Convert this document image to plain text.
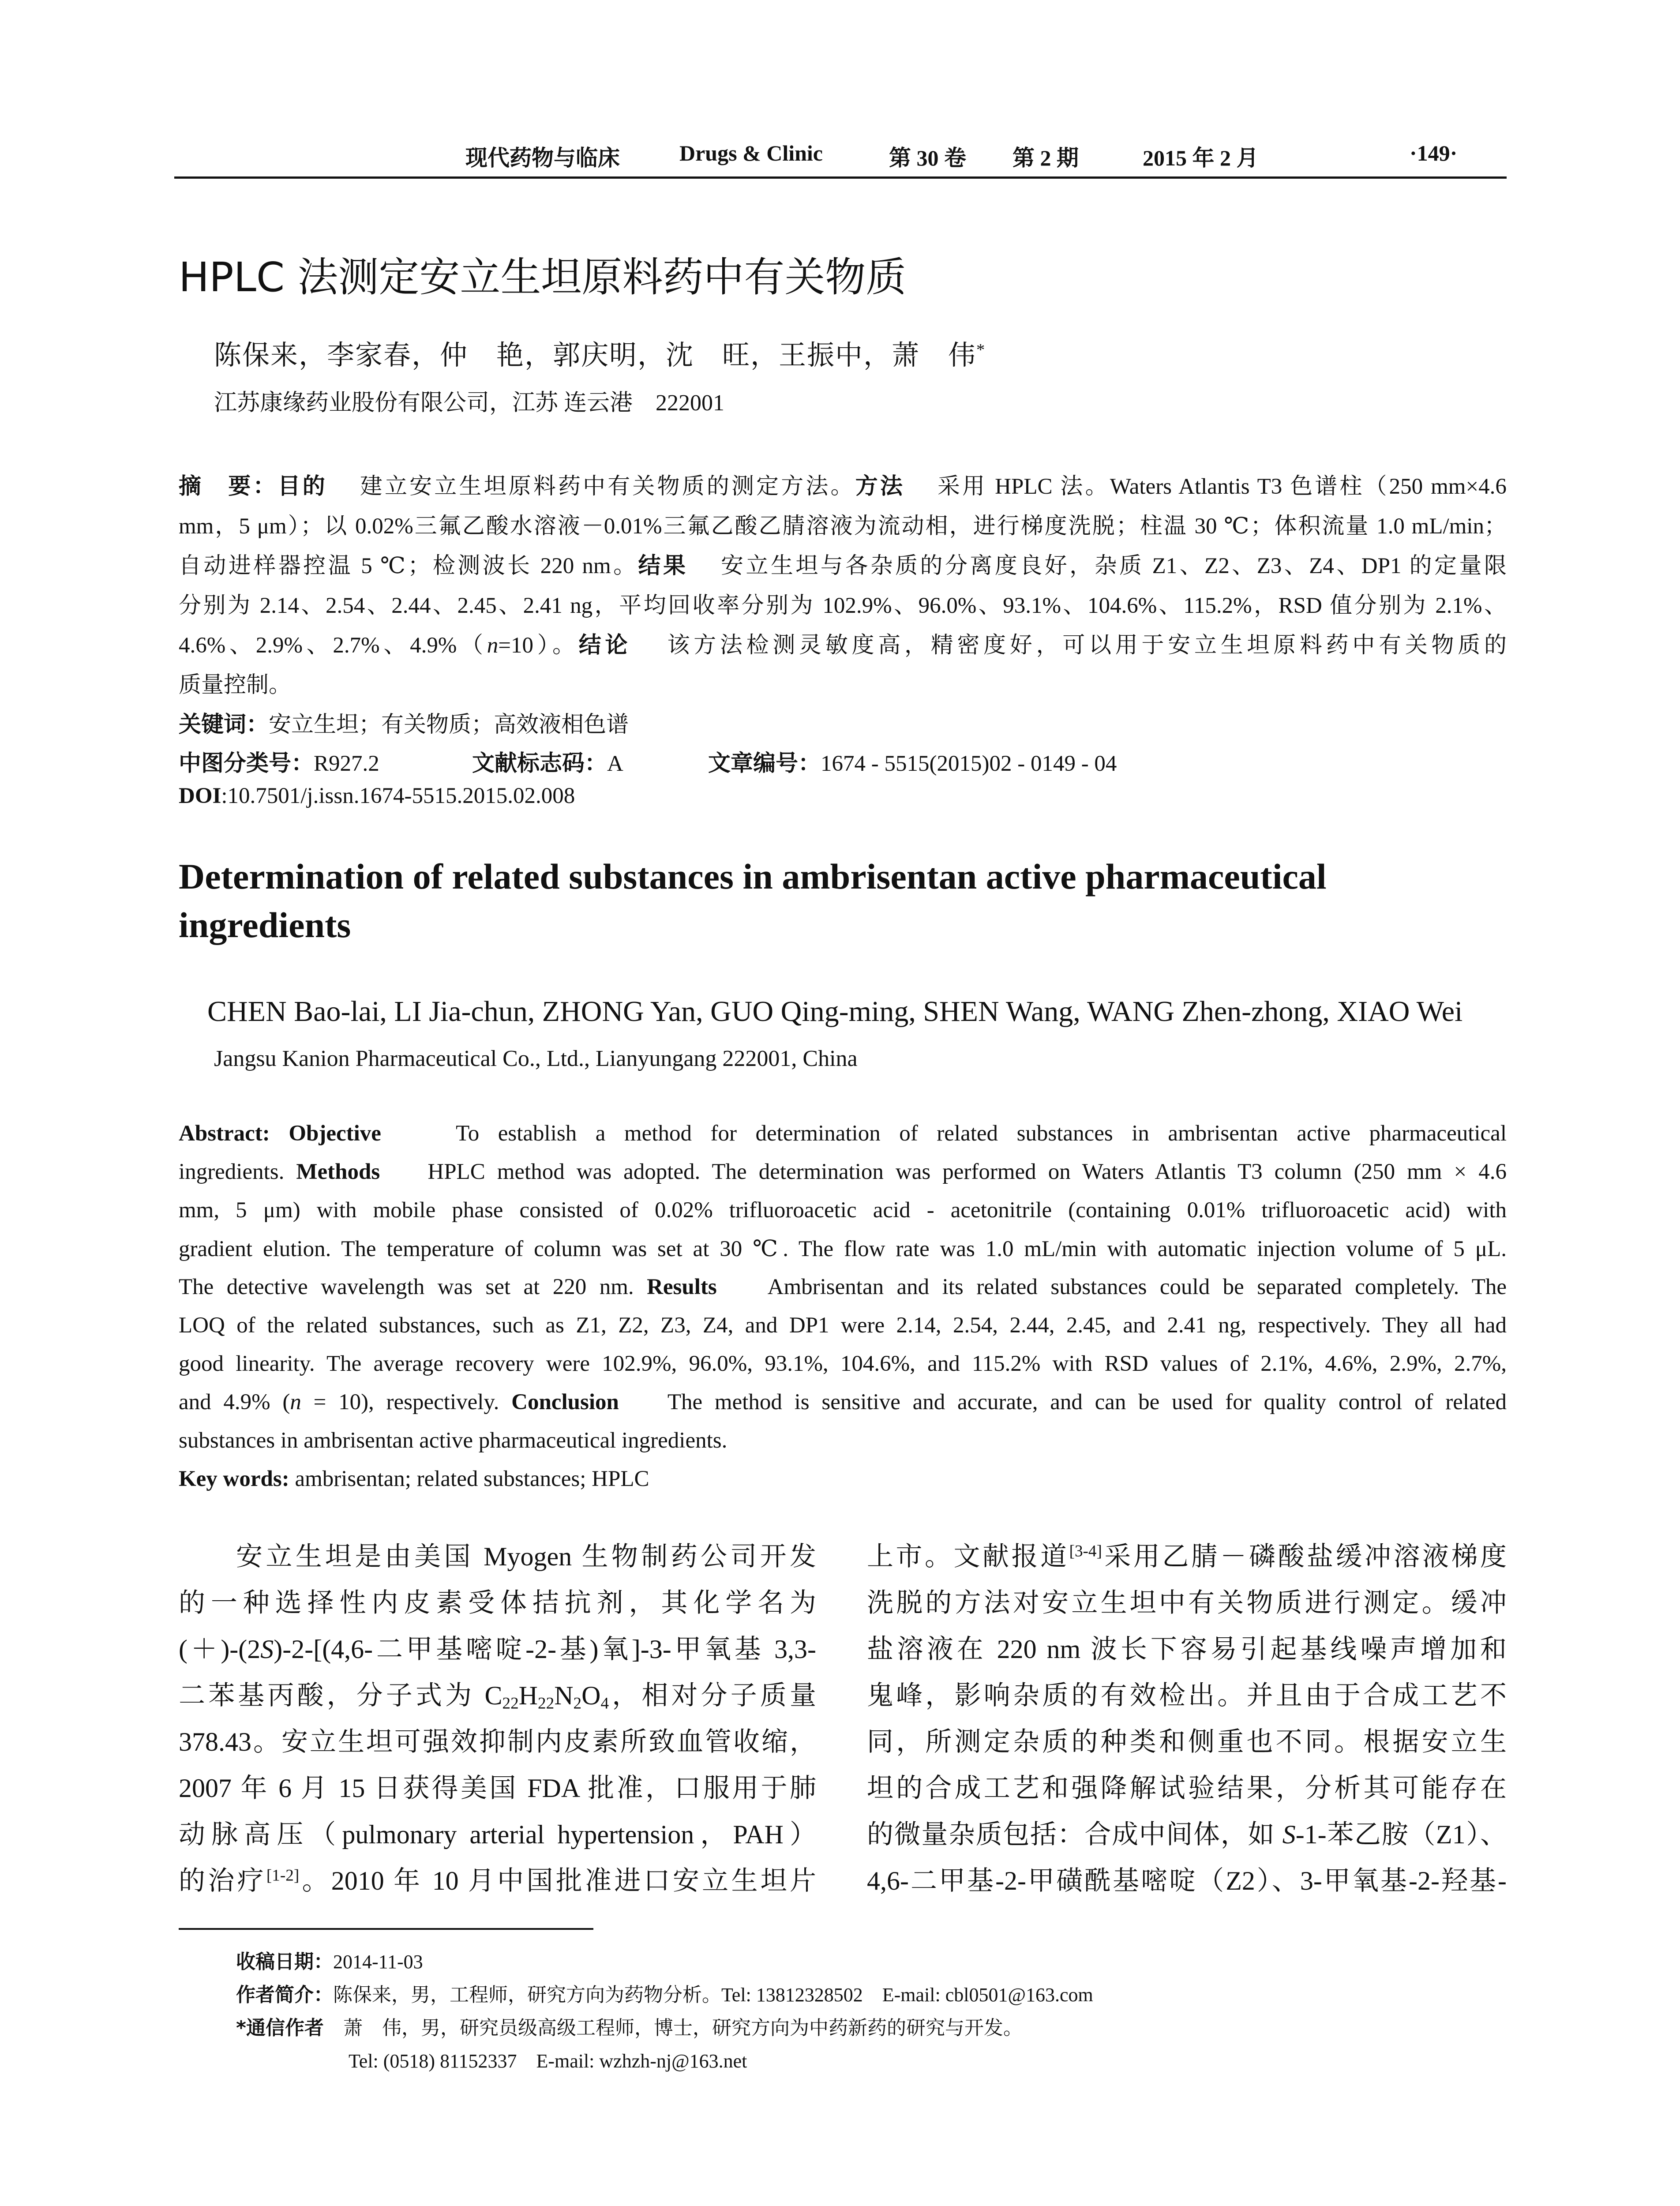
现代药物与临床	Drugs & Clinic	第 30 卷 第 2 期	2015 年 2 月	·149·
HPLC 法测定安立生坦原料药中有关物质
陈保来，李家春，仲　艳，郭庆明，沈　旺，王振中，萧　伟*
江苏康缘药业股份有限公司，江苏 连云港　222001
摘　要：目的　 建立安立生坦原料药中有关物质的测定方法。方法　 采用 HPLC 法。Waters Atlantis T3 色谱柱（250 mm×4.6
mm，5 μm）；以 0.02%三氟乙酸水溶液－0.01%三氟乙酸乙腈溶液为流动相，进行梯度洗脱；柱温 30 ℃；体积流量 1.0 mL/min；
自动进样器控温 5 ℃；检测波长 220 nm。结果　 安立生坦与各杂质的分离度良好，杂质 Z1、Z2、Z3、Z4、DP1 的定量限
分别为 2.14、2.54、2.44、2.45、2.41 ng，平均回收率分别为 102.9%、96.0%、93.1%、104.6%、115.2%，RSD 值分别为 2.1%、
4.6%、2.9%、2.7%、4.9%（n=10）。结论　 该方法检测灵敏度高，精密度好，可以用于安立生坦原料药中有关物质的
质量控制。
关键词：安立生坦；有关物质；高效液相色谱
中图分类号：R927.2	文献标志码：A	文章编号：1674 - 5515(2015)02 - 0149 - 04
DOI:10.7501/j.issn.1674-5515.2015.02.008
Determination of related substances in ambrisentan active pharmaceutical
ingredients
CHEN Bao-lai, LI Jia-chun, ZHONG Yan, GUO Qing-ming, SHEN Wang, WANG Zhen-zhong, XIAO Wei
Jangsu Kanion Pharmaceutical Co., Ltd., Lianyungang 222001, China
Abstract: Objective	To establish a method for determination of related substances in ambrisentan active pharmaceutical
ingredients. Methods HPLC method was adopted. The determination was performed on Waters Atlantis T3 column (250 mm × 4.6
mm, 5 μm) with mobile phase consisted of 0.02% trifluoroacetic acid - acetonitrile (containing 0.01% trifluoroacetic acid) with
gradient elution. The temperature of column was set at 30 ℃. The flow rate was 1.0 mL/min with automatic injection volume of 5 μL.
The detective wavelength was set at 220 nm. Results Ambrisentan and its related substances could be separated completely. The
LOQ of the related substances, such as Z1, Z2, Z3, Z4, and DP1 were 2.14, 2.54, 2.44, 2.45, and 2.41 ng, respectively. They all had
good linearity. The average recovery were 102.9%, 96.0%, 93.1%, 104.6%, and 115.2% with RSD values of 2.1%, 4.6%, 2.9%, 2.7%,
and 4.9% (n = 10), respectively. Conclusion The method is sensitive and accurate, and can be used for quality control of related
substances in ambrisentan active pharmaceutical ingredients.
Key words: ambrisentan; related substances; HPLC
安立生坦是由美国 Myogen 生物制药公司开发
的一种选择性内皮素受体拮抗剂，其化学名为
(＋)-(2S)-2-[(4,6-二甲基嘧啶-2-基)氧]-3-甲氧基 3,3-
二苯基丙酸，分子式为 $C_{22}H_{22}N_2O_4$，相对分子质量
378.43。安立生坦可强效抑制内皮素所致血管收缩，
2007 年 6 月 15 日获得美国 FDA 批准，口服用于肺
动脉高压（pulmonary arterial hypertension，PAH）
的治疗[1-2]。2010 年 10 月中国批准进口安立生坦片
上市。文献报道[3-4]采用乙腈－磷酸盐缓冲溶液梯度
洗脱的方法对安立生坦中有关物质进行测定。缓冲
盐溶液在 220 nm 波长下容易引起基线噪声增加和
鬼峰，影响杂质的有效检出。并且由于合成工艺不
同，所测定杂质的种类和侧重也不同。根据安立生
坦的合成工艺和强降解试验结果，分析其可能存在
的微量杂质包括：合成中间体，如 S-1-苯乙胺（Z1）、
4,6-二甲基-2-甲磺酰基嘧啶（Z2）、3-甲氧基-2-羟基-
收稿日期：2014-11-03
作者简介：陈保来，男，工程师，研究方向为药物分析。Tel: 13812328502　E-mail: cbl0501@163.com
*通信作者　 萧　伟，男，研究员级高级工程师，博士，研究方向为中药新药的研究与开发。
Tel: (0518) 81152337　E-mail: wzhzh-nj@163.net
